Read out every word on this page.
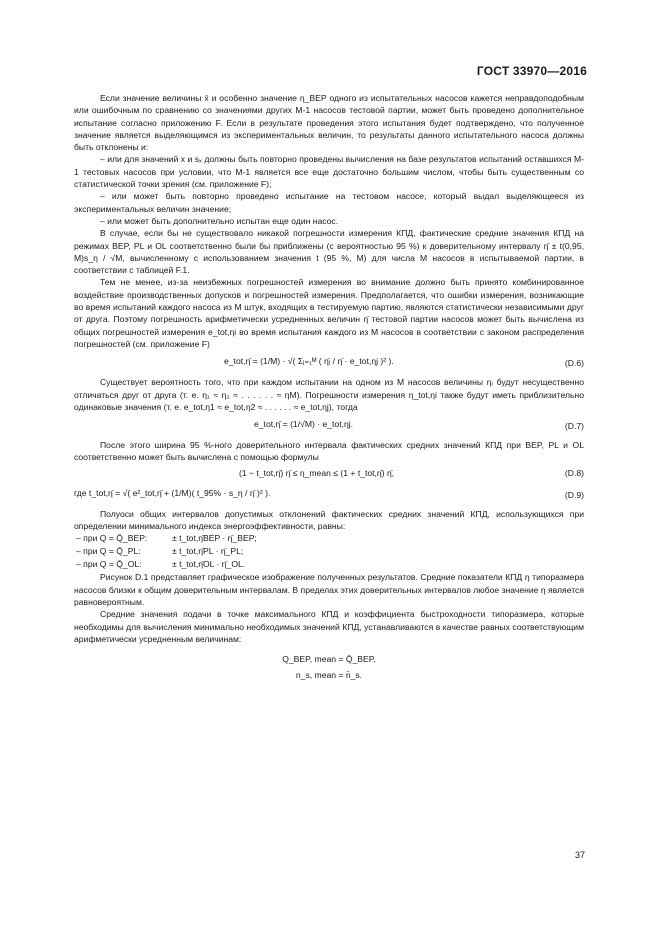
ГОСТ 33970—2016

Если значение величины x̄ и особенно значение η_BEP одного из испытательных насосов кажется неправдоподобным или ошибочным по сравнению со значениями других M-1 насосов тестовой партии, может быть проведено дополнительное испытание согласно приложению F. Если в результате проведения этого испытания будет подтверждено, что полученное значение является выделяющимся из экспериментальных величин, то результаты данного испытательного насоса должны быть отклонены и:

– или для значений x и sₓ должны быть повторно проведены вычисления на базе результатов испытаний оставшихся M-1 тестовых насосов при условии, что M-1 является все еще достаточно большим числом, чтобы быть существенным со статистической точки зрения (см. приложение F);

– или может быть повторно проведено испытание на тестовом насосе, который выдал выделяющееся из экспериментальных величин значение;

– или может быть дополнительно испытан еще один насос.

В случае, если бы не существовало никакой погрешности измерения КПД, фактические средние значения КПД на режимах BEP, PL и OL соответственно были бы приближены (с вероятностью 95 %) к доверительному интервалу η̄ ± t(0,95, M)s_η / √M, вычисленному с использованием значения t (95 %, M) для числа M насосов в испытываемой партии, в соответствии с таблицей F.1.

Тем не менее, из-за неизбежных погрешностей измерения во внимание должно быть принято комбинированное воздействие производственных допусков и погрешностей измерения. Предполагается, что ошибки измерения, возникающие во время испытаний каждого насоса из M штук, входящих в тестируемую партию, являются статистически независимыми друг от друга. Поэтому погрешность арифметически усредненных величин η̄ тестовой партии насосов может быть вычислена из общих погрешностей измерения e_tot,ηi во время испытания каждого из M насосов в соответствии с законом распределения погрешностей (см. приложение F)

e_tot,η̄ = (1/M) · √( Σⱼ₌₁ᴹ ( η̄ⱼ / η̄ · e_tot,ηj )² ).	(D.6)

Существует вероятность того, что при каждом испытании на одном из M насосов величины ηᵢ будут несущественно отличаться друг от друга (т. е. η₁ ≈ η₂ ≈ . . . . . . ≈ ηM). Погрешности измерения η_tot,ηi также будут иметь приблизительно одинаковые значения (т. е. e_tot,η1 ≈ e_tot,η2 ≈ . . . . . . ≈ e_tot,ηj), тогда

e_tot,η̄ = (1/√M) · e_tot,ηj.	(D.7)

После этого ширина 95 %-ного доверительного интервала фактических средних значений КПД при BEP, PL и OL соответственно может быть вычислена с помощью формулы

(1 − t_tot,η̄) η̄ ≤ η_mean ≤ (1 + t_tot,η̄) η̄,	(D.8)
где t_tot,η̄ = √( e²_tot,η̄ + (1/M)( t_95% · s_η / η̄ )² ).	(D.9)

Полуоси общих интервалов допустимых отклонений фактических средних значений КПД, использующихся при определении минимального индекса энергоэффективности, равны:

– при Q = Q̄_BEP:	± t_tot,η̄BEP · η̄_BEP;
– при Q = Q̄_PL:	± t_tot,η̄PL · η̄_PL;
– при Q = Q̄_OL:	± t_tot,η̄OL · η̄_OL.

Рисунок D.1 представляет графическое изображение полученных результатов. Средние показатели КПД η типоразмера насосов близки к общим доверительным интервалам. В пределах этих доверительных интервалов любое значение η является равновероятным.

Средние значения подачи в точке максимального КПД и коэффициента быстроходности типоразмера, которые необходимы для вычисления минимально необходимых значений КПД, устанавливаются в качестве равных соответствующим арифметически усредненным величинам:

Q_BEP, mean = Q̄_BEP,
n_s, mean = n̄_s.
37
